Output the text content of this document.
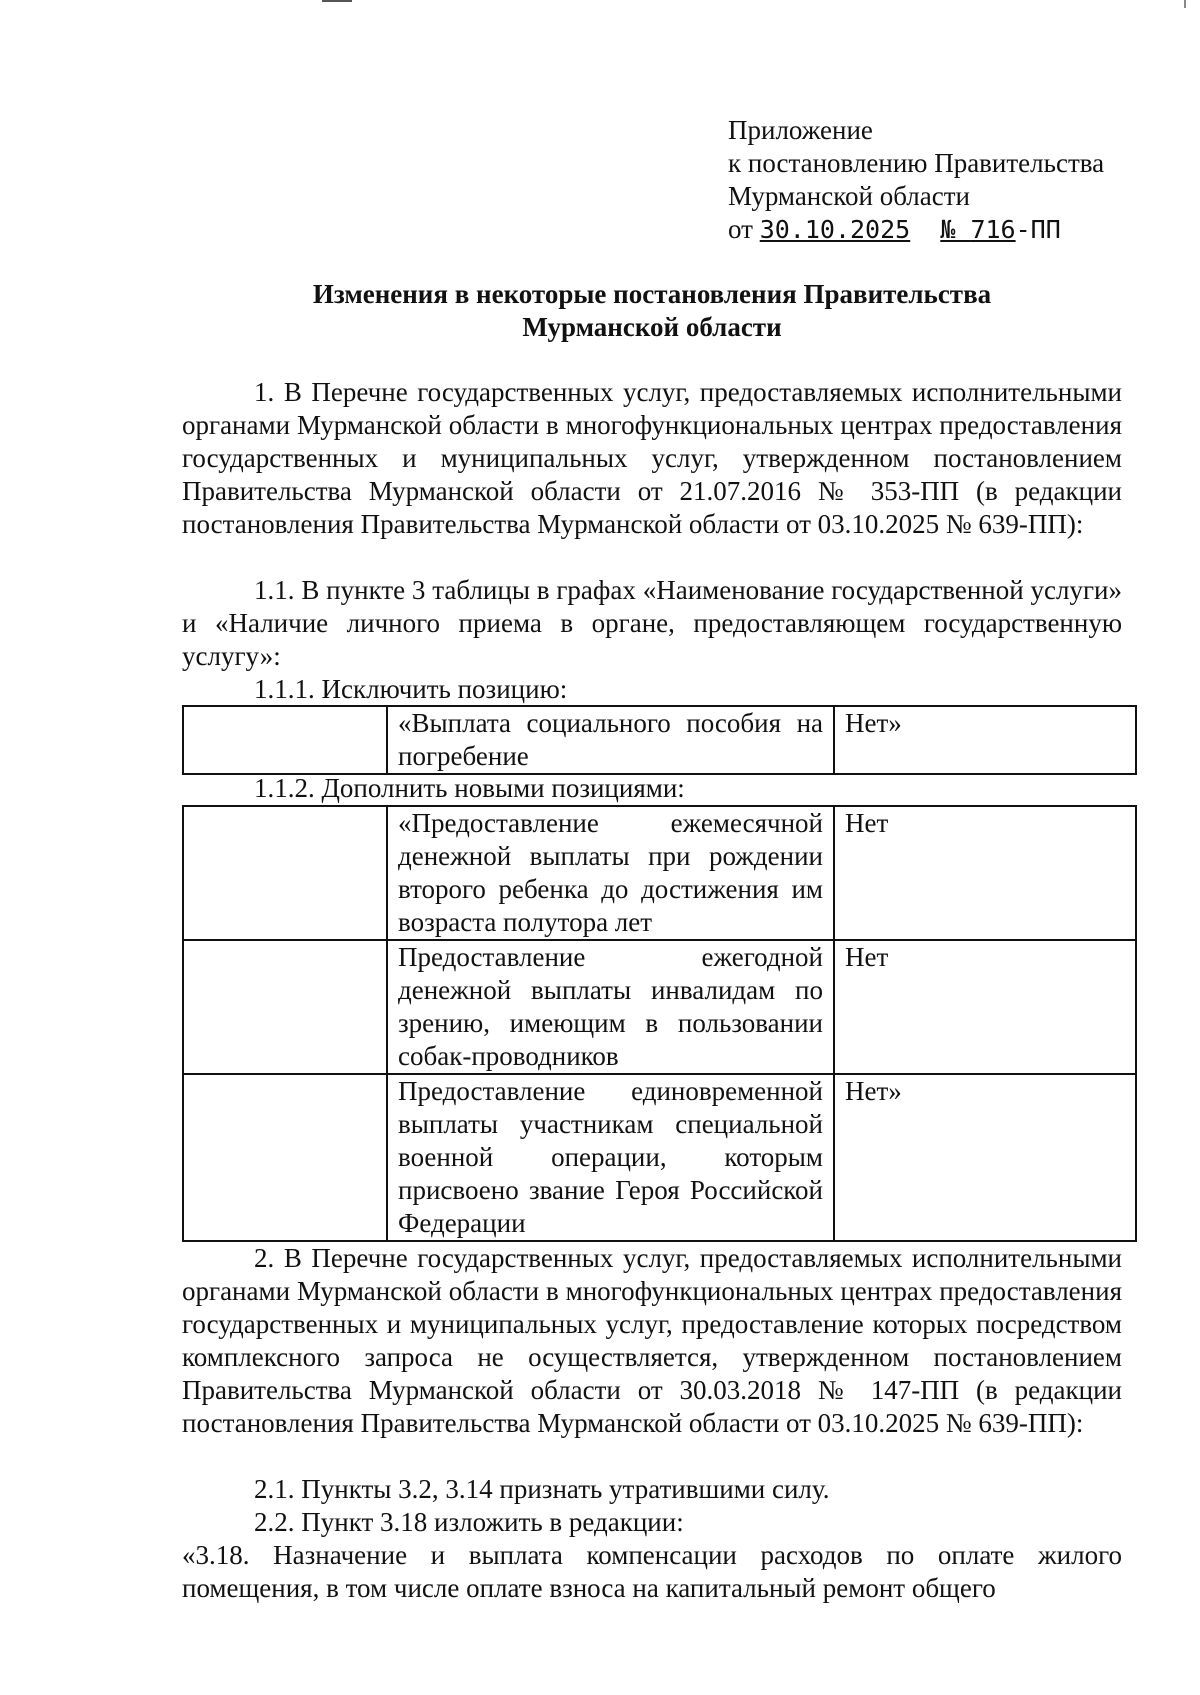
Приложение
к постановлению Правительства
Мурманской области
от 30.10.2025 № 716-ПП
Изменения в некоторые постановления Правительства
Мурманской области
1. В Перечне государственных услуг, предоставляемых исполнительными органами Мурманской области в многофункциональных центрах предоставления государственных и муниципальных услуг, утвержденном постановлением Правительства Мурманской области от 21.07.2016 № 353-ПП (в редакции постановления Правительства Мурманской области от 03.10.2025 № 639-ПП):
1.1. В пункте 3 таблицы в графах «Наименование государственной услуги» и «Наличие личного приема в органе, предоставляющем государственную услугу»:
1.1.1. Исключить позицию:
	«Выплата социального пособия на погребение	Нет»
1.1.2. Дополнить новыми позициями:
	«Предоставление ежемесячной денежной выплаты при рождении второго ребенка до достижения им возраста полутора лет	Нет

	Предоставление ежегодной денежной выплаты инвалидам по зрению, имеющим в пользовании собак-проводников	Нет

	Предоставление единовременной выплаты участникам специальной военной операции, которым присвоено звание Героя Российской Федерации	Нет»
2. В Перечне государственных услуг, предоставляемых исполнительными органами Мурманской области в многофункциональных центрах предоставления государственных и муниципальных услуг, предоставление которых посредством комплексного запроса не осуществляется, утвержденном постановлением Правительства Мурманской области от 30.03.2018 № 147-ПП (в редакции постановления Правительства Мурманской области от 03.10.2025 № 639-ПП):
2.1. Пункты 3.2, 3.14 признать утратившими силу.
2.2. Пункт 3.18 изложить в редакции:
«3.18. Назначение и выплата компенсации расходов по оплате жилого помещения, в том числе оплате взноса на капитальный ремонт общего
